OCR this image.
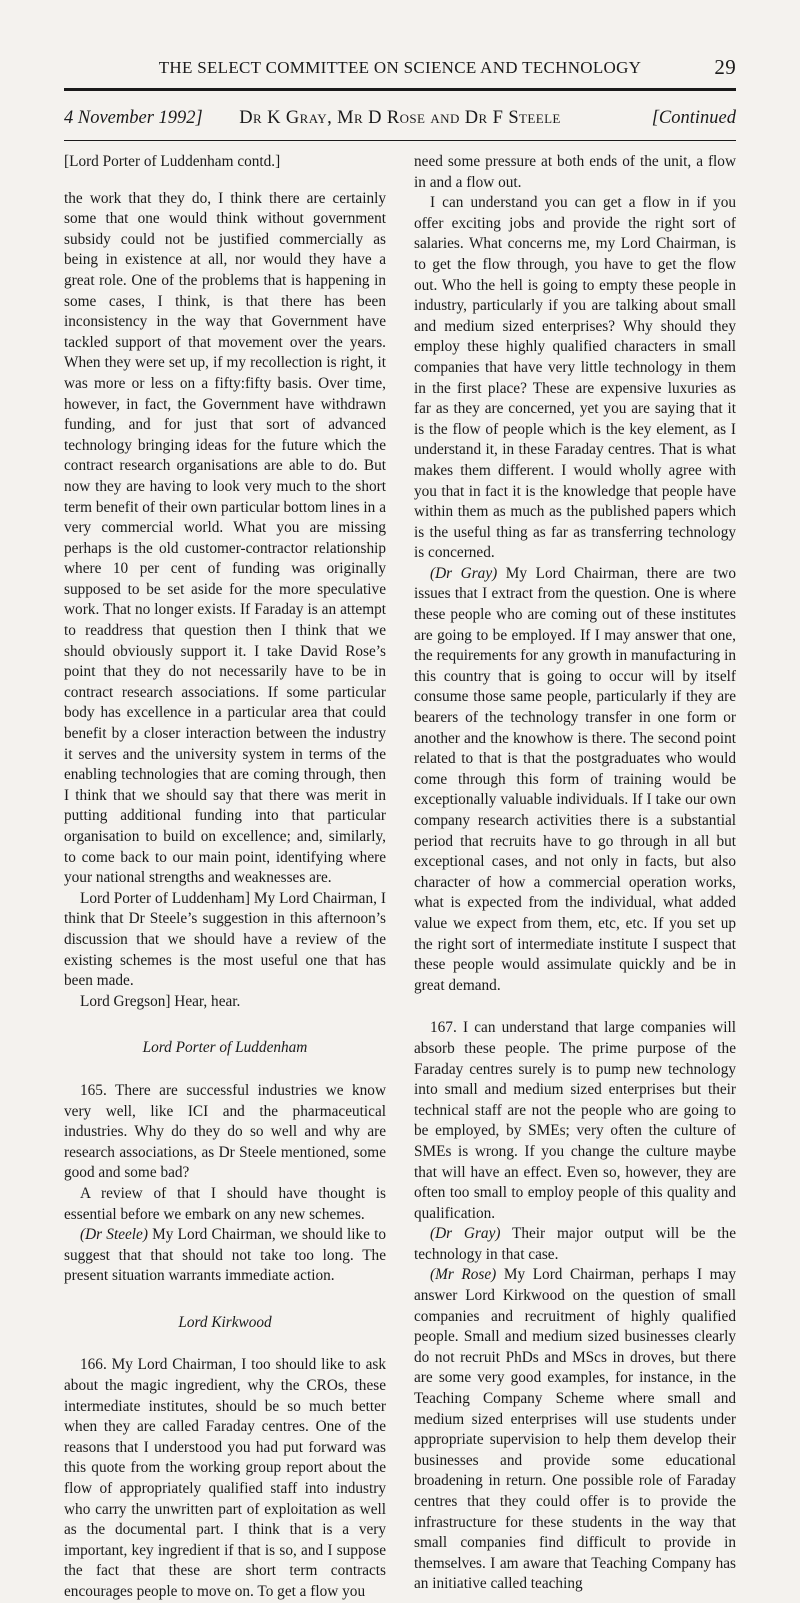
THE SELECT COMMITTEE ON SCIENCE AND TECHNOLOGY	29
4 November 1992]	Dr K Gray, Mr D Rose and Dr F Steele	[Continued
[Lord Porter of Luddenham contd.]

the work that they do, I think there are certainly some that one would think without government subsidy could not be justified commercially as being in existence at all, nor would they have a great role. One of the problems that is happening in some cases, I think, is that there has been inconsistency in the way that Government have tackled support of that movement over the years. When they were set up, if my recollection is right, it was more or less on a fifty:fifty basis. Over time, however, in fact, the Government have withdrawn funding, and for just that sort of advanced technology bringing ideas for the future which the contract research organisations are able to do. But now they are having to look very much to the short term benefit of their own particular bottom lines in a very commercial world. What you are missing perhaps is the old customer-contractor relationship where 10 per cent of funding was originally supposed to be set aside for the more speculative work. That no longer exists. If Faraday is an attempt to readdress that question then I think that we should obviously support it. I take David Rose’s point that they do not necessarily have to be in contract research associations. If some particular body has excellence in a particular area that could benefit by a closer interaction between the industry it serves and the university system in terms of the enabling technologies that are coming through, then I think that we should say that there was merit in putting additional funding into that particular organisation to build on excellence; and, similarly, to come back to our main point, identifying where your national strengths and weaknesses are.

Lord Porter of Luddenham] My Lord Chairman, I think that Dr Steele’s suggestion in this afternoon’s discussion that we should have a review of the existing schemes is the most useful one that has been made.

Lord Gregson] Hear, hear.

Lord Porter of Luddenham

165. There are successful industries we know very well, like ICI and the pharmaceutical industries. Why do they do so well and why are research associations, as Dr Steele mentioned, some good and some bad?

A review of that I should have thought is essential before we embark on any new schemes.

(Dr Steele) My Lord Chairman, we should like to suggest that that should not take too long. The present situation warrants immediate action.

Lord Kirkwood

166. My Lord Chairman, I too should like to ask about the magic ingredient, why the CROs, these intermediate institutes, should be so much better when they are called Faraday centres. One of the reasons that I understood you had put forward was this quote from the working group report about the flow of appropriately qualified staff into industry who carry the unwritten part of exploitation as well as the documental part. I think that is a very important, key ingredient if that is so, and I suppose the fact that these are short term contracts encourages people to move on. To get a flow you

need some pressure at both ends of the unit, a flow in and a flow out.

I can understand you can get a flow in if you offer exciting jobs and provide the right sort of salaries. What concerns me, my Lord Chairman, is to get the flow through, you have to get the flow out. Who the hell is going to empty these people in industry, particularly if you are talking about small and medium sized enterprises? Why should they employ these highly qualified characters in small companies that have very little technology in them in the first place? These are expensive luxuries as far as they are concerned, yet you are saying that it is the flow of people which is the key element, as I understand it, in these Faraday centres. That is what makes them different. I would wholly agree with you that in fact it is the knowledge that people have within them as much as the published papers which is the useful thing as far as transferring technology is concerned.

(Dr Gray) My Lord Chairman, there are two issues that I extract from the question. One is where these people who are coming out of these institutes are going to be employed. If I may answer that one, the requirements for any growth in manufacturing in this country that is going to occur will by itself consume those same people, particularly if they are bearers of the technology transfer in one form or another and the knowhow is there. The second point related to that is that the postgraduates who would come through this form of training would be exceptionally valuable individuals. If I take our own company research activities there is a substantial period that recruits have to go through in all but exceptional cases, and not only in facts, but also character of how a commercial operation works, what is expected from the individual, what added value we expect from them, etc, etc. If you set up the right sort of intermediate institute I suspect that these people would assimulate quickly and be in great demand.

167. I can understand that large companies will absorb these people. The prime purpose of the Faraday centres surely is to pump new technology into small and medium sized enterprises but their technical staff are not the people who are going to be employed, by SMEs; very often the culture of SMEs is wrong. If you change the culture maybe that will have an effect. Even so, however, they are often too small to employ people of this quality and qualification.

(Dr Gray) Their major output will be the technology in that case.

(Mr Rose) My Lord Chairman, perhaps I may answer Lord Kirkwood on the question of small companies and recruitment of highly qualified people. Small and medium sized businesses clearly do not recruit PhDs and MScs in droves, but there are some very good examples, for instance, in the Teaching Company Scheme where small and medium sized enterprises will use students under appropriate supervision to help them develop their businesses and provide some educational broadening in return. One possible role of Faraday centres that they could offer is to provide the infrastructure for these students in the way that small companies find difficult to provide in themselves. I am aware that Teaching Company has an initiative called teaching
